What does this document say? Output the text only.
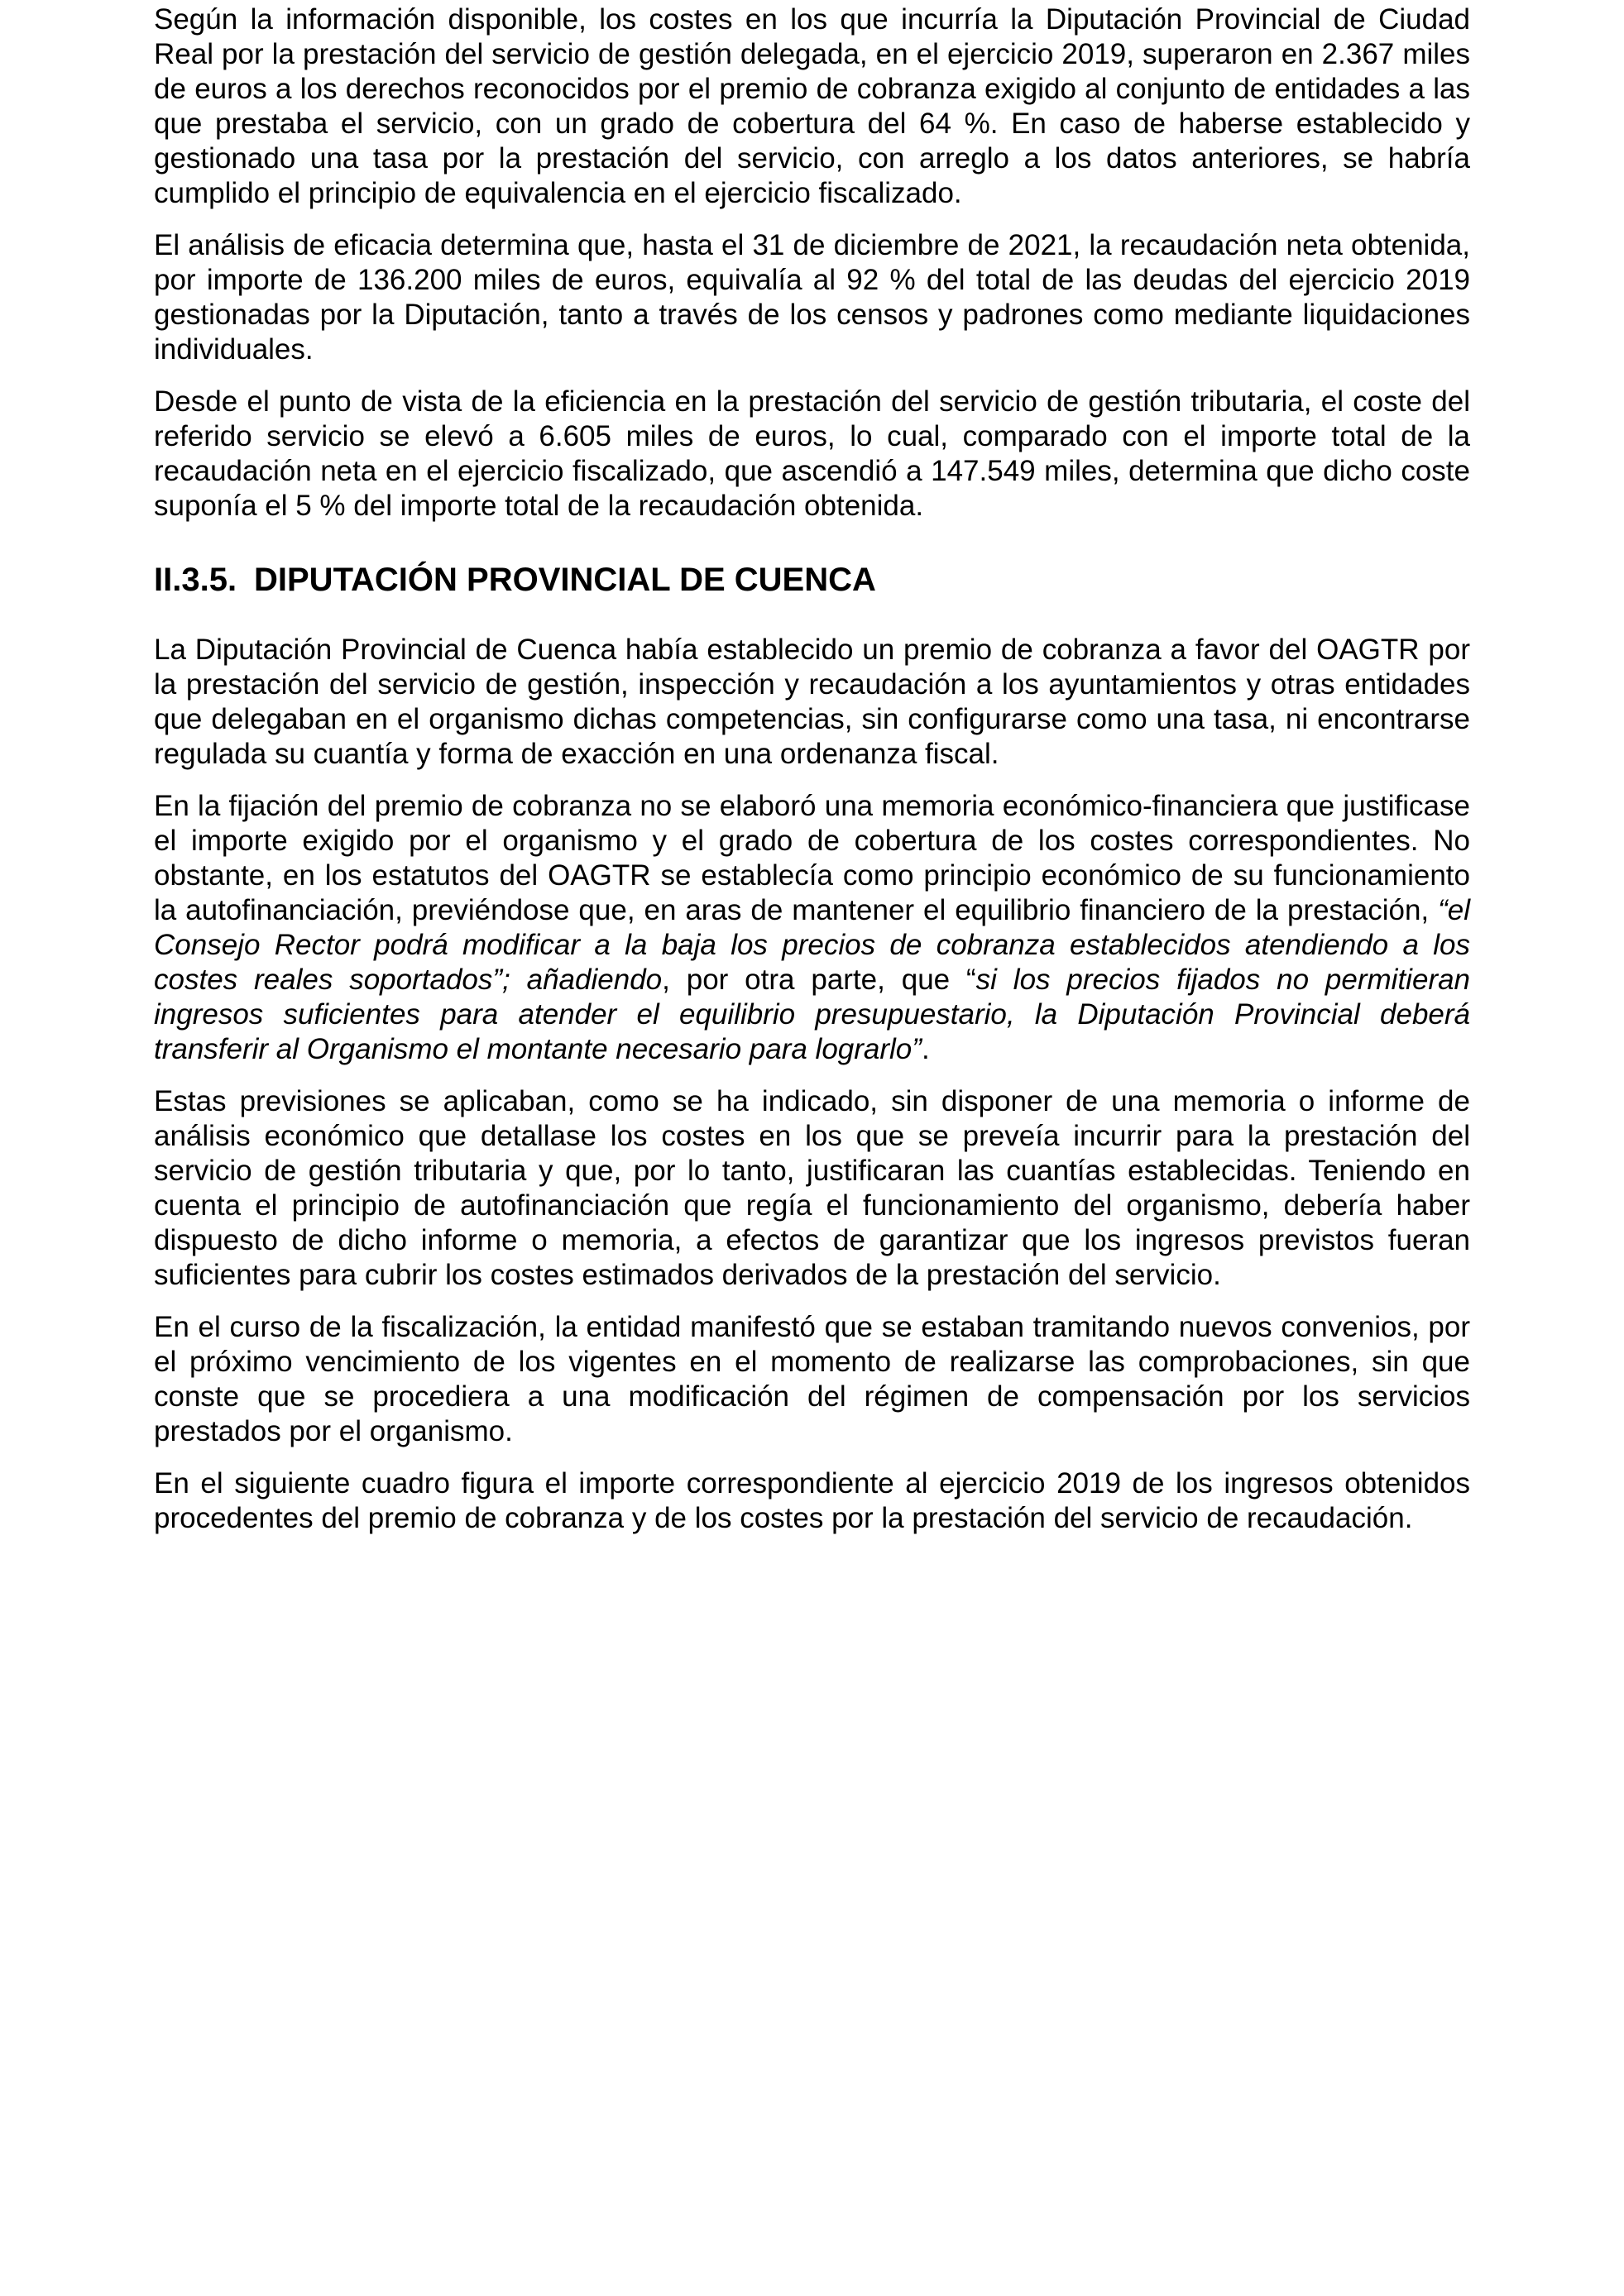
Según la información disponible, los costes en los que incurría la Diputación Provincial de Ciudad Real por la prestación del servicio de gestión delegada, en el ejercicio 2019, superaron en 2.367 miles de euros a los derechos reconocidos por el premio de cobranza exigido al conjunto de entidades a las que prestaba el servicio, con un grado de cobertura del 64 %. En caso de haberse establecido y gestionado una tasa por la prestación del servicio, con arreglo a los datos anteriores, se habría cumplido el principio de equivalencia en el ejercicio fiscalizado.

El análisis de eficacia determina que, hasta el 31 de diciembre de 2021, la recaudación neta obtenida, por importe de 136.200 miles de euros, equivalía al 92 % del total de las deudas del ejercicio 2019 gestionadas por la Diputación, tanto a través de los censos y padrones como mediante liquidaciones individuales.

Desde el punto de vista de la eficiencia en la prestación del servicio de gestión tributaria, el coste del referido servicio se elevó a 6.605 miles de euros, lo cual, comparado con el importe total de la recaudación neta en el ejercicio fiscalizado, que ascendió a 147.549 miles, determina que dicho coste suponía el 5 % del importe total de la recaudación obtenida.

II.3.5. DIPUTACIÓN PROVINCIAL DE CUENCA

La Diputación Provincial de Cuenca había establecido un premio de cobranza a favor del OAGTR por la prestación del servicio de gestión, inspección y recaudación a los ayuntamientos y otras entidades que delegaban en el organismo dichas competencias, sin configurarse como una tasa, ni encontrarse regulada su cuantía y forma de exacción en una ordenanza fiscal.

En la fijación del premio de cobranza no se elaboró una memoria económico-financiera que justificase el importe exigido por el organismo y el grado de cobertura de los costes correspondientes. No obstante, en los estatutos del OAGTR se establecía como principio económico de su funcionamiento la autofinanciación, previéndose que, en aras de mantener el equilibrio financiero de la prestación, “el Consejo Rector podrá modificar a la baja los precios de cobranza establecidos atendiendo a los costes reales soportados”; añadiendo, por otra parte, que “si los precios fijados no permitieran ingresos suficientes para atender el equilibrio presupuestario, la Diputación Provincial deberá transferir al Organismo el montante necesario para lograrlo”.

Estas previsiones se aplicaban, como se ha indicado, sin disponer de una memoria o informe de análisis económico que detallase los costes en los que se preveía incurrir para la prestación del servicio de gestión tributaria y que, por lo tanto, justificaran las cuantías establecidas. Teniendo en cuenta el principio de autofinanciación que regía el funcionamiento del organismo, debería haber dispuesto de dicho informe o memoria, a efectos de garantizar que los ingresos previstos fueran suficientes para cubrir los costes estimados derivados de la prestación del servicio.

En el curso de la fiscalización, la entidad manifestó que se estaban tramitando nuevos convenios, por el próximo vencimiento de los vigentes en el momento de realizarse las comprobaciones, sin que conste que se procediera a una modificación del régimen de compensación por los servicios prestados por el organismo.

En el siguiente cuadro figura el importe correspondiente al ejercicio 2019 de los ingresos obtenidos procedentes del premio de cobranza y de los costes por la prestación del servicio de recaudación.
